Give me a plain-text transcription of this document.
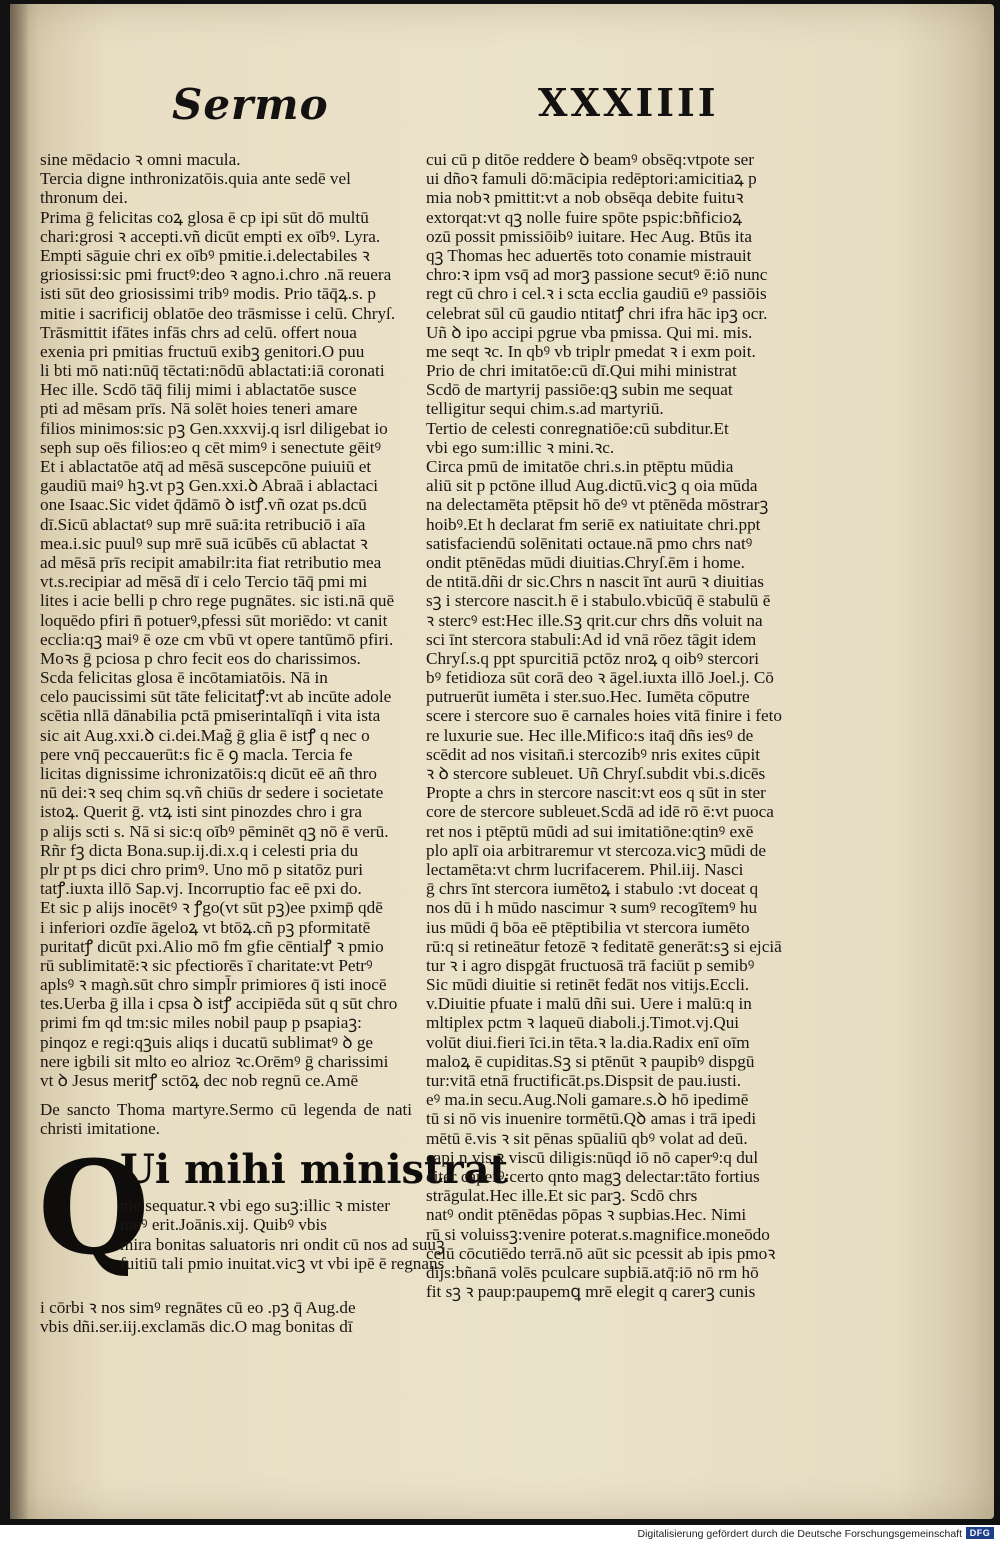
Sermo	XXXIIII
sine mēdacio ꝛ omni macula.
Tercia digne inthronizatōis.quia ante sedē vel
thronum dei.
Prima ḡ felicitas coꝝ glosa ē cp ipi sūt dō multū
chari:grosi ꝛ accepti.vñ dicūt empti ex oībꝰ. Lyra.
Empti sāguie chri ex oībꝰ pmitie.i.delectabiles ꝛ
griosissi:sic pmi fructꝰ:deo ꝛ agno.i.chro .nā reuera
isti sūt deo griosissimi tribꝰ modis. Prio tāq̄ꝝ.s. p
mitie i sacrificij oblatōe deo trāsmisse i celū. Chryſ.
Trāsmittit ifātes infās chrs ad celū. offert noua
exenia pri pmitias fructuū exibꝫ genitori.O puu
li bti mō nati:nūq̄ tēctati:nōdū ablactati:iā coronati
Hec ille. Scdō tāq̄ filij mimi i ablactatōe susce
pti ad mēsam prīs. Nā solēt hoies teneri amare
filios minimos:sic pꝫ Gen.xxxvij.q isrl diligebat io
seph sup oēs filios:eo q cēt mimꝰ i senectute gēitꝰ
Et i ablactatōe atq̄ ad mēsā suscepcōne puiuiū et
gaudiū maiꝰ hꝫ.vt pꝫ Gen.xxi.ꝺ Abraā i ablactaci
one Isaac.Sic videt q̄dāmō ꝺ istꝭ.vñ ozat ps.dcū
dī.Sicū ablactatꝰ sup mrē suā:ita retribuciō i aīa
mea.i.sic puulꝰ sup mrē suā icūbēs cū ablactat ꝛ
ad mēsā prīs recipit amabilr:ita fiat retributio mea
vt.s.recipiar ad mēsā dī i celo Tercio tāq̄ pmi mi
lites i acie belli p chro rege pugnātes. sic isti.nā quē
loquēdo pfiri n̄ potuerꝰ,pfessi sūt moriēdo: vt canit
ecclia:qꝫ maiꝰ ē oze cm vbū vt opere tantūmō pfiri.
Moꝛs ḡ pciosa p chro fecit eos do charissimos.
Scda felicitas glosa ē incōtamiatōis. Nā in
celo paucissimi sūt tāte felicitatꝭ:vt ab incūte adole
scētia nllā dānabilia pctā pmiserintalīqñ i vita ista
sic ait Aug.xxi.ꝺ ci.dei.Mag̃ ḡ glia ē istꝭ q nec o
pere vnq̄ peccauerūt:s fic ē ꝯ macla. Tercia fe
licitas dignissime ichronizatōis:q dicūt eē añ thro
nū dei:ꝛ seq chim sq.vñ chiūs dr sedere i societate
istoꝝ. Querit ḡ. vtꝝ isti sint pinozdes chro i gra
p alijs scti s. Nā si sic:q oībꝰ pēminēt qꝫ nō ē verū.
Rñr fꝫ dicta Bona.sup.ij.di.x.q i celesti pria du
plr pt ps dici chro primꝰ. Uno mō p sitatōz puri
tatꝭ.iuxta illō Sap.vj. Incorruptio fac eē pxi do.
Et sic p alijs inocētꝰ ꝛ ꝭgo(vt sūt pꝫ)ee pximp̄ qdē
i inferiori ozdīe āgeloꝝ vt btōꝝ.cñ pꝫ pformitatē
puritatꝭ dicūt pxi.Alio mō fm gfie cēntialꝭ ꝛ pmio
rū sublimitatē:ꝛ sic pfectiorēs ī charitate:vt Petrꝰ
aplsꝰ ꝛ magǹ.sūt chro simpl̄r primiores q̄ isti inocē
tes.Uerba ḡ illa i cpsa ꝺ istꝭ accipiēda sūt q sūt chro
primi fm qd tm:sic miles nobil paup p psapiaꝫ:
pinqoz e regi:qꝫuis aliqs i ducatū sublimatꝰ ꝺ ge
nere igbili sit mlto eo alrioz ꝛc.Orēmꝰ ḡ charissimi
vt ꝺ Jesus meritꝭ sctōꝝ dec nob regnū ce.Amē
De sancto Thoma martyre.Sermo cū legenda de nati christi imitatione.
Q
Ui mihi ministrat
me sequatur.ꝛ vbi ego suꝫ:illic ꝛ mister
meꝰ erit.Joānis.xij. Quibꝰ vbis
mira bonitas saluatoris nri ondit cū nos ad suuꝫ
fuitiū tali pmio inuitat.vicꝫ vt vbi ipē ē regnans
i cōrbi ꝛ nos simꝰ regnātes cū eo .pꝫ q̄ Aug.de
vbis dñi.ser.iij.exclamās dic.O mag bonitas dī
cui cū p ditōe reddere ꝺ beamꝰ obsēq:vtpote ser
ui dñoꝛ famuli dō:mācipia redēptori:amicitiaꝝ p
mia nobꝛ pmittit:vt a nob obsēqa debite fuituꝛ
extorqat:vt qꝫ nolle fuire spōte pspic:bñficioꝝ
ozū possit pmissiōibꝰ iuitare. Hec Aug. Btūs ita
qꝫ Thomas hec aduertēs toto conamie mistrauit
chro:ꝛ ipm vsq̄ ad morꝫ passione secutꝰ ē:iō nunc
regt cū chro i cel.ꝛ i scta ecclia gaudiū eꝰ passiōis
celebrat sūl cū gaudio ntitatꝭ chri ifra hāc ipꝫ ocr.
Uñ ꝺ ipo accipi pgrue vba pmissa. Qui mi. mis.
me seqt ꝛc. In qbꝰ vb triplr pmedat ꝛ i exm poit.
Prio de chri imitatōe:cū dī.Qui mihi ministrat
Scdō de martyrij passiōe:qꝫ subin me sequat
telligitur sequi chim.s.ad martyriū.
Tertio de celesti conregnatiōe:cū subditur.Et
vbi ego sum:illic ꝛ mini.ꝛc.
Circa pmū de imitatōe chri.s.in ptēptu mūdia
aliū sit p pctōne illud Aug.dictū.vicꝫ q oia mūda
na delectamēta ptēpsit hō deꝰ vt ptēnēda mōstrarꝫ
hoibꝰ.Et h declarat fm seriē ex natiuitate chri.ppt
satisfaciendū solēnitati octaue.nā pmo chrs natꝰ
ondit ptēnēdas mūdi diuitias.Chryſ.ēm i home.
de ntitā.dñi dr sic.Chrs n nascit īnt aurū ꝛ diuitias
sꝫ i stercore nascit.h ē i stabulo.vbicūq̄ ē stabulū ē
ꝛ stercꝰ est:Hec ille.Sꝫ qrit.cur chrs dñs voluit na
sci īnt stercora stabuli:Ad id vnā rōez tāgit idem
Chryſ.s.q ppt spurcitiā pctōz nroꝝ q oibꝰ stercori
bꝰ fetidioza sūt corā deo ꝛ āgel.iuxta illō Joel.j. Cō
putruerūt iumēta i ster.suo.Hec. Iumēta cōputre
scere i stercore suo ē carnales hoies vitā finire i feto
re luxurie sue. Hec ille.Mifico:s itaq̄ dñs iesꝰ de
scēdit ad nos visitan̄.i stercozibꝰ nris exites cūpit
ꝛ ꝺ stercore subleuet. Uñ Chryſ.subdit vbi.s.dicēs
Propte a chrs in stercore nascit:vt eos q sūt in ster
core de stercore subleuet.Scdā ad idē rō ē:vt puoca
ret nos i ptēptū mūdi ad sui imitatiōne:qtinꝰ exē
plo aplī oia arbitraremur vt stercoza.vicꝫ mūdi de
lectamēta:vt chrm lucrifacerem. Phil.iij. Nasci
ḡ chrs īnt stercora iumētoꝝ i stabulo :vt doceat q
nos dū i h mūdo nascimur ꝛ sumꝰ recogītemꝰ hu
ius mūdi q̄ bōa eē ptēptibilia vt stercora iumēto
rū:q si retineātur fetozē ꝛ feditatē generāt:sꝫ si ejciā
tur ꝛ i agro dispgāt fructuosā trā faciūt p semibꝰ
Sic mūdi diuitie si retinēt fedāt nos vitijs.Eccli.
v.Diuitie pfuate i malū dñi sui. Uere i malū:q in
mltiplex pctm ꝛ laqueū diaboli.j.Timot.vj.Qui
volūt diui.fieri īci.in tēta.ꝛ la.dia.Radix enī oīm
maloꝝ ē cupiditas.Sꝫ si ptēnūt ꝛ paupibꝰ dispgū
tur:vitā etnā fructificāt.ps.Dispsit de pau.iusti.
eꝰ ma.in secu.Aug.Noli gamare.s.ꝺ hō ipedimē
tū si nō vis inuenire tormētū.Qꝺ amas i trā ipedi
mētū ē.vis ꝛ sit pēnas spūaliū qbꝰ volat ad deū.
capi n vis ꝛ viscū diligis:nūqd iō nō caperꝰ:q dul
citer caperꝰ:certo qnto magꝫ delectar:tāto fortius
strāgulat.Hec ille.Et sic parꝫ. Scdō chrs
natꝰ ondit ptēnēdas pōpas ꝛ supbias.Hec. Nimi
rū si voluissꝫ:venire poterat.s.magnifice.moneōdo
celū cōcutiēdo terrā.nō aūt sic pcessit ab ipis pmoꝛ
dijs:bñanā volēs pculcare supbiā.atq̄:iō nō rm hō
fit sꝫ ꝛ paup:paupemꝗ mrē elegit q carerꝫ cunis
Digitalisierung gefördert durch die Deutsche Forschungsgemeinschaft DFG
